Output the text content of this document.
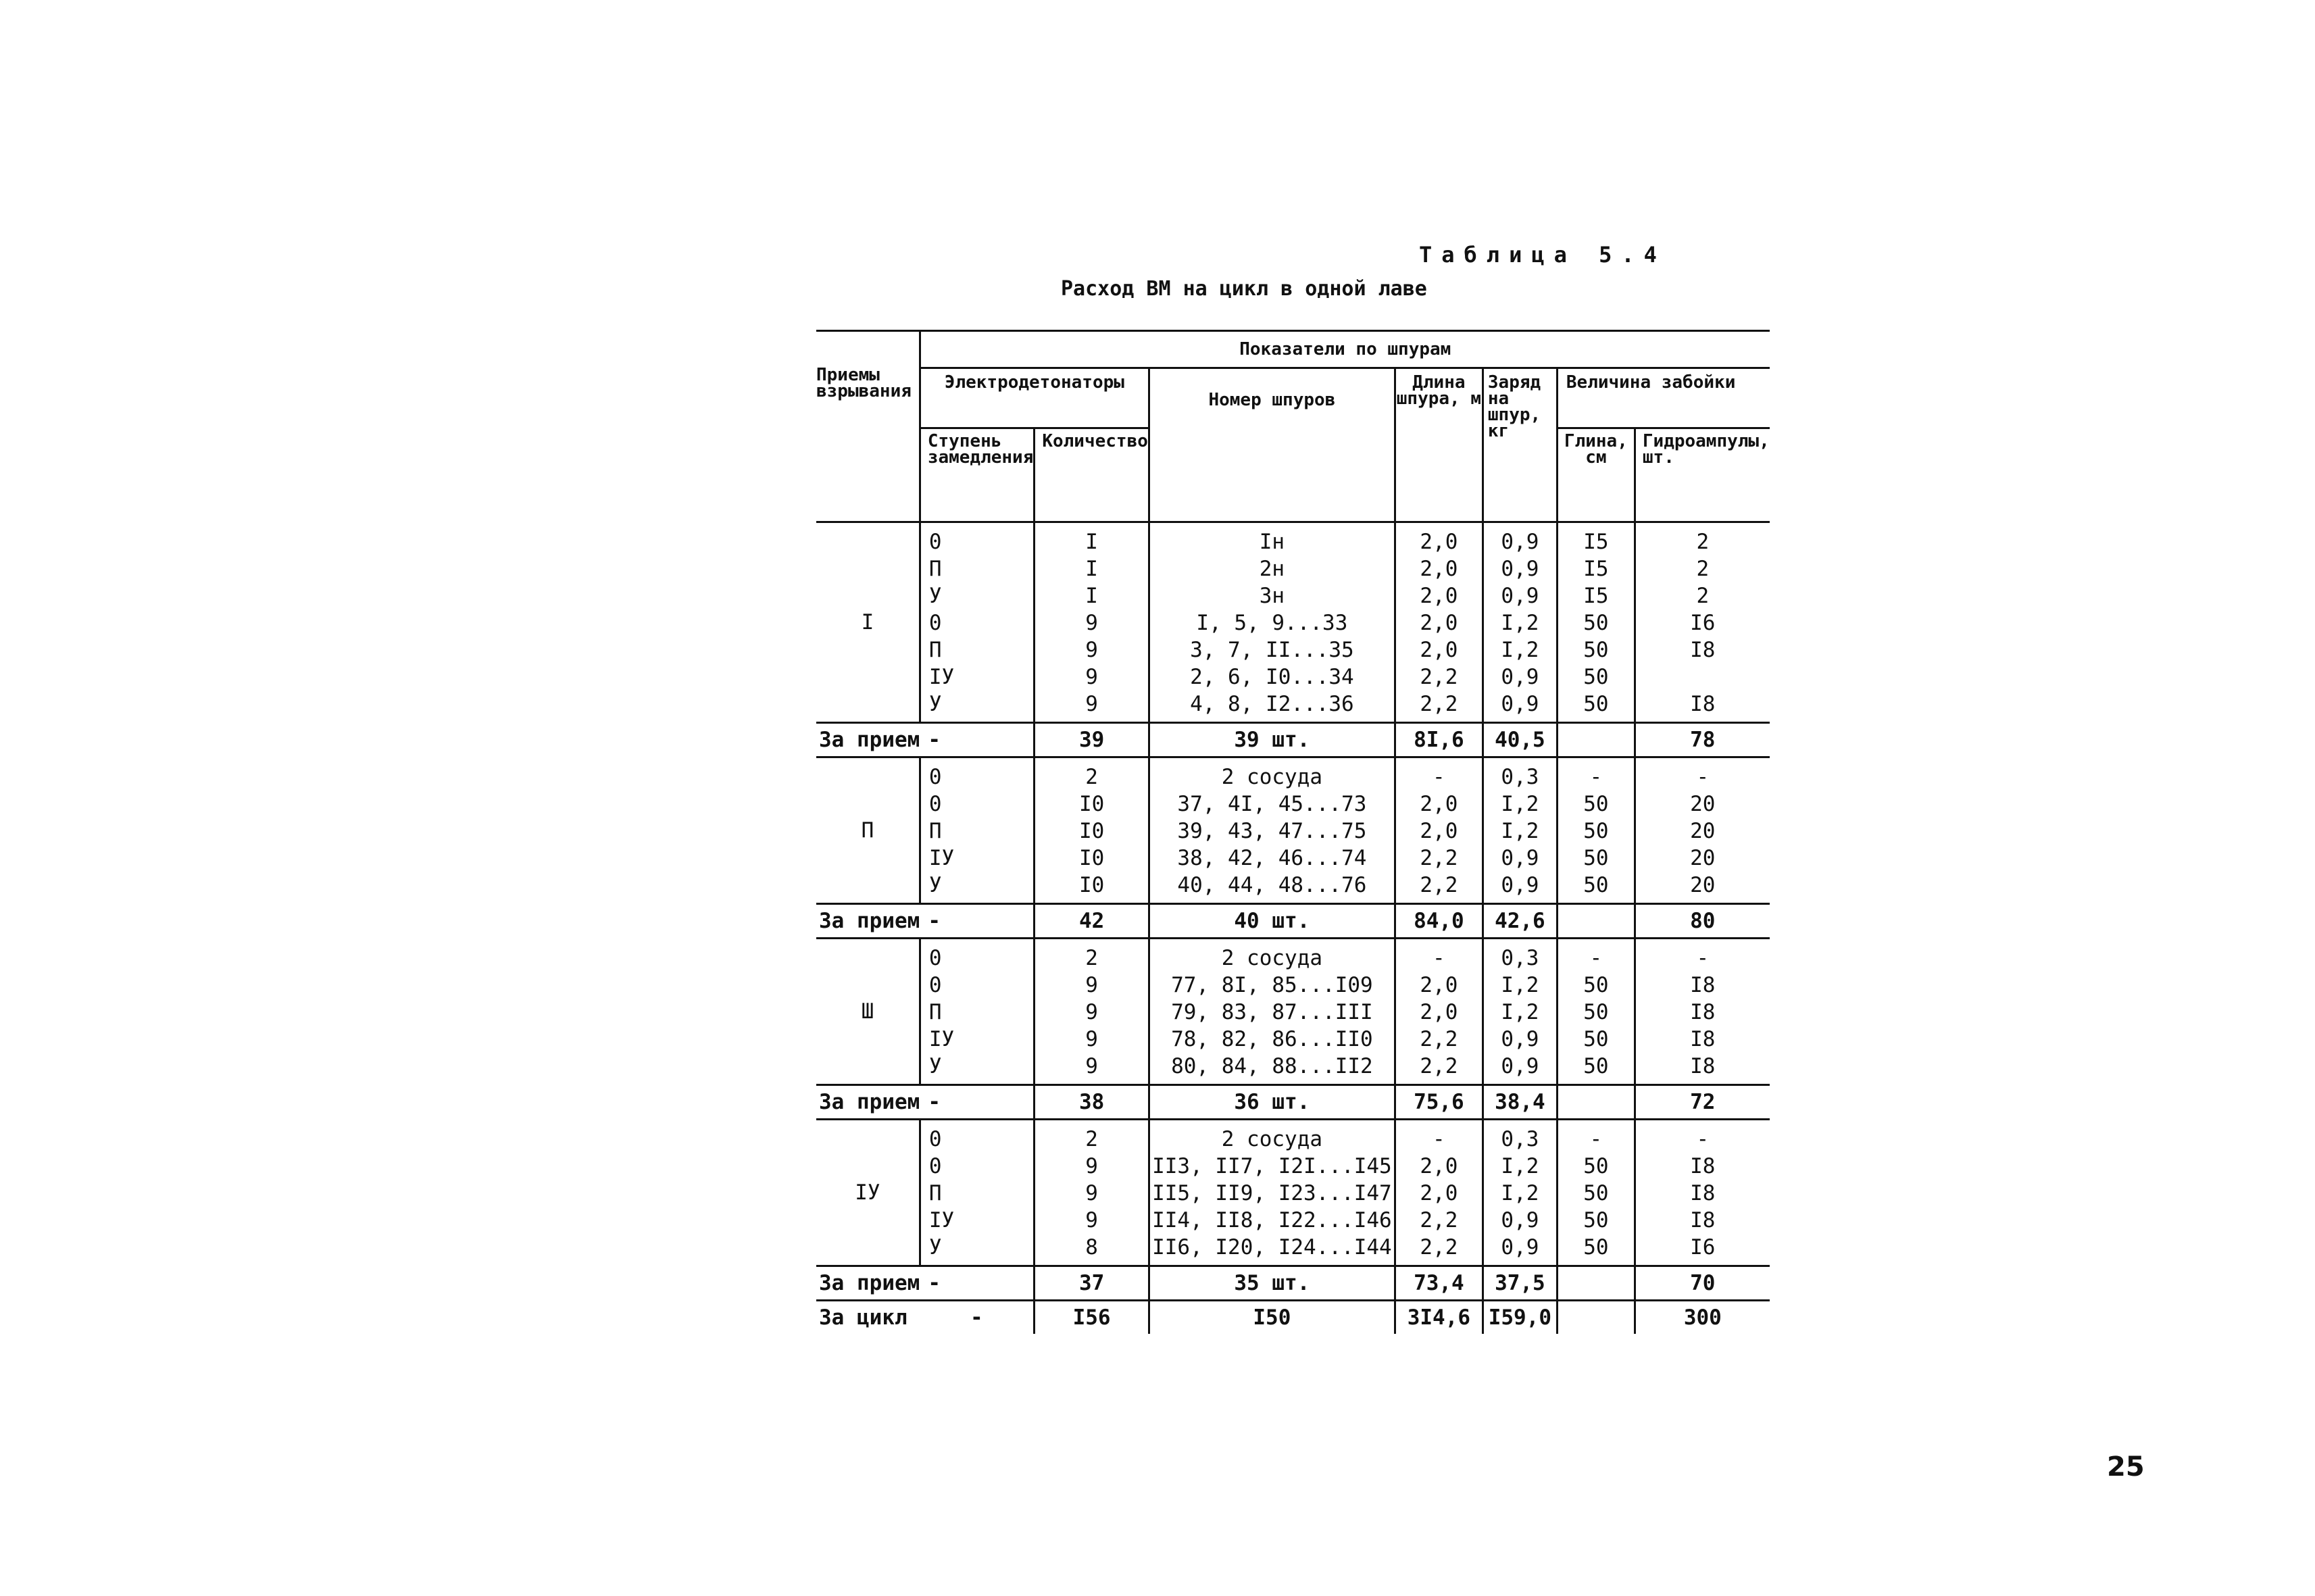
Таблица 5.4
Расход ВМ на цикл в одной лаве
Приемы взрывания	Показатели по шпурам						
	Электродетонаторы		Номер шпуров	Длина шпура, м	Заряд на шпур, кг	Величина забойки	
	Ступень замедления	Количество				Глина, см	Гидроампулы, шт.
I	0	I	Iн	2,0	0,9	I5	2
	П	I	2н	2,0	0,9	I5	2
	У	I	3н	2,0	0,9	I5	2
	0	9	I, 5, 9...33	2,0	I,2	50	I6
	П	9	3, 7, II...35	2,0	I,2	50	I8
	IУ	9	2, 6, I0...34	2,2	0,9	50	
	У	9	4, 8, I2...36	2,2	0,9	50	I8
За прием	-	39	39 шт.	8I,6	40,5		78
П	0	2	2 сосуда	-	0,3	-	-
	0	I0	37, 4I, 45...73	2,0	I,2	50	20
	П	I0	39, 43, 47...75	2,0	I,2	50	20
	IУ	I0	38, 42, 46...74	2,2	0,9	50	20
	У	I0	40, 44, 48...76	2,2	0,9	50	20
За прием	-	42	40 шт.	84,0	42,6		80
Ш	0	2	2 сосуда	-	0,3	-	-
	0	9	77, 8I, 85...I09	2,0	I,2	50	I8
	П	9	79, 83, 87...III	2,0	I,2	50	I8
	IУ	9	78, 82, 86...II0	2,2	0,9	50	I8
	У	9	80, 84, 88...II2	2,2	0,9	50	I8
За прием	-	38	36 шт.	75,6	38,4		72
IУ	0	2	2 сосуда	-	0,3	-	-
	0	9	II3, II7, I2I...I45	2,0	I,2	50	I8
	П	9	II5, II9, I23...I47	2,0	I,2	50	I8
	IУ	9	II4, II8, I22...I46	2,2	0,9	50	I8
	У	8	II6, I20, I24...I44	2,2	0,9	50	I6
За прием	-	37	35 шт.	73,4	37,5		70
За цикл	-	I56	I50	3I4,6	I59,0		300
25
